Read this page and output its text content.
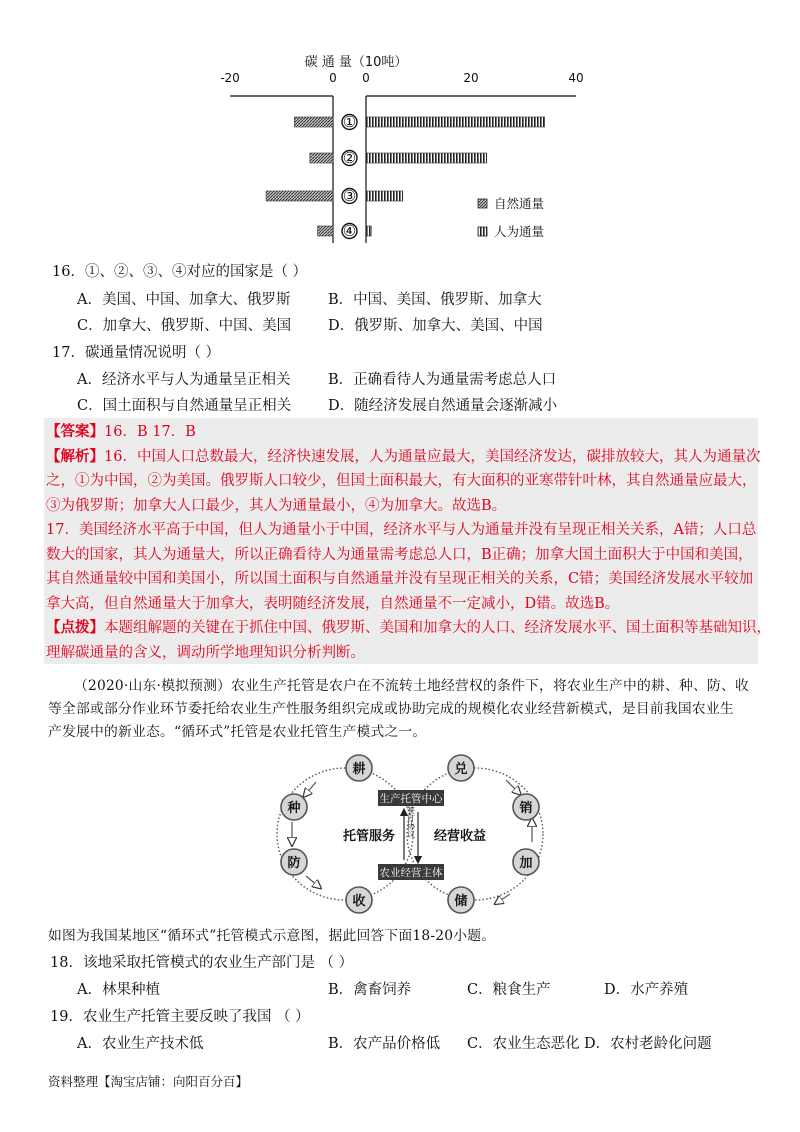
碳 通 量（10吨）
-20	0 0	20	40
①
②
③
④
自然通量
人为通量
16．①、②、③、④对应的国家是（ ）
A．美国、中国、加拿大、俄罗斯	B．中国、美国、俄罗斯、加拿大
C．加拿大、俄罗斯、中国、美国	D．俄罗斯、加拿大、美国、中国
17．碳通量情况说明（ ）
A．经济水平与人为通量呈正相关	B．正确看待人为通量需考虑总人口
C．国土面积与自然通量呈正相关	D．随经济发展自然通量会逐渐减小
【答案】16．B 17．B
【解析】16．中国人口总数最大，经济快速发展，人为通量应最大，美国经济发达，碳排放较大，其人为通量次
之，①为中国，②为美国。俄罗斯人口较少，但国土面积最大，有大面积的亚寒带针叶林，其自然通量应最大，
③为俄罗斯；加拿大人口最少，其人为通量最小，④为加拿大。故选B。
17．美国经济水平高于中国，但人为通量小于中国，经济水平与人为通量并没有呈现正相关关系，A错；人口总
数大的国家，其人为通量大，所以正确看待人为通量需考虑总人口，B正确；加拿大国土面积大于中国和美国，
其自然通量较中国和美国小，所以国土面积与自然通量并没有呈现正相关的关系，C错；美国经济发展水平较加
拿大高，但自然通量大于加拿大，表明随经济发展，自然通量不一定减小，D错。故选B。
【点拨】本题组解题的关键在于抓住中国、俄罗斯、美国和加拿大的人口、经济发展水平、国土面积等基础知识，
理解碳通量的含义，调动所学地理知识分析判断。
（2020·山东·模拟预测）农业生产托管是农户在不流转土地经营权的条件下，将农业生产中的耕、种、防、收
等全部或部分作业环节委托给农业生产性服务组织完成或协助完成的规模化农业经营新模式，是目前我国农业生
产发展中的新业态。“循环式”托管是农业托管生产模式之一。
生产托管中心
农业经营主体
签订协议
托管服务	经营收益
耕
种
防
收
兑
销
加
储
如图为我国某地区“循环式”托管模式示意图，据此回答下面18-20小题。
18．该地采取托管模式的农业生产部门是 （ ）
A．林果种植	B．禽畜饲养	C．粮食生产	D．水产养殖
19．农业生产托管主要反映了我国 （ ）
A．农业生产技术低	B．农产品价格低 C．农业生态恶化 D．农村老龄化问题
资料整理【淘宝店铺：向阳百分百】
